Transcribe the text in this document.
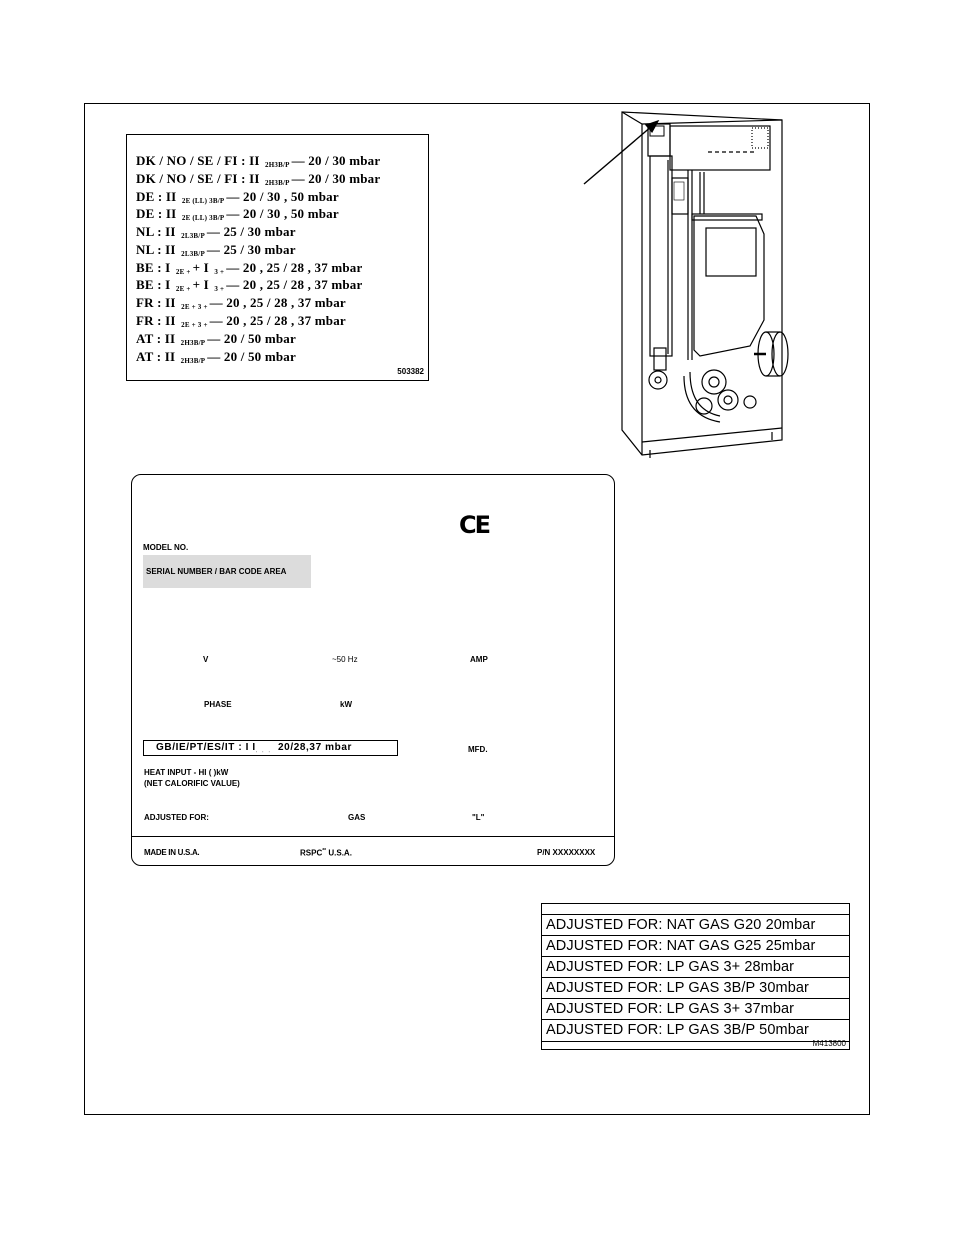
DK / NO / SE / FI : II $_{2H3B/P}$ — 20 / 30 mbar
DK / NO / SE / FI : II $_{2H3B/P}$ — 20 / 30 mbar
DE : II $_{2E (LL) 3B/P}$ — 20 / 30 , 50 mbar
DE : II $_{2E (LL) 3B/P}$ — 20 / 30 , 50 mbar
NL : II $_{2L3B/P}$ — 25 / 30 mbar
NL : II $_{2L3B/P}$ — 25 / 30 mbar
BE : I $_{2E +}$ + I $_{3 +}$ — 20 , 25 / 28 , 37 mbar
BE : I $_{2E +}$ + I $_{3 +}$ — 20 , 25 / 28 , 37 mbar
FR : II $_{2E + 3 +}$ — 20 , 25 / 28 , 37 mbar
FR : II $_{2E + 3 +}$ — 20 , 25 / 28 , 37 mbar
AT : II $_{2H3B/P}$ — 20 / 50 mbar
AT : II $_{2H3B/P}$ — 20 / 50 mbar
503382
CE
MODEL NO.
SERIAL NUMBER / BAR CODE AREA
V	~50 Hz	AMP
PHASE	kW
GB/IE/PT/ES/IT : I $I_{\cdot \cdot \cdot}$ 20/28,37 mbar	MFD.
HEAT INPUT - HI ( )kW
(NET CALORIFIC VALUE)
ADJUSTED FOR:	GAS	"L"
MADE IN U.S.A.	RSPC** U.S.A.	P/N XXXXXXXX
ADJUSTED FOR: NAT GAS G20 20mbar
ADJUSTED FOR: NAT GAS G25 25mbar
ADJUSTED FOR: LP GAS 3+ 28mbar
ADJUSTED FOR: LP GAS 3B/P 30mbar
ADJUSTED FOR: LP GAS 3+ 37mbar
ADJUSTED FOR: LP GAS 3B/P 50mbar
M413800
